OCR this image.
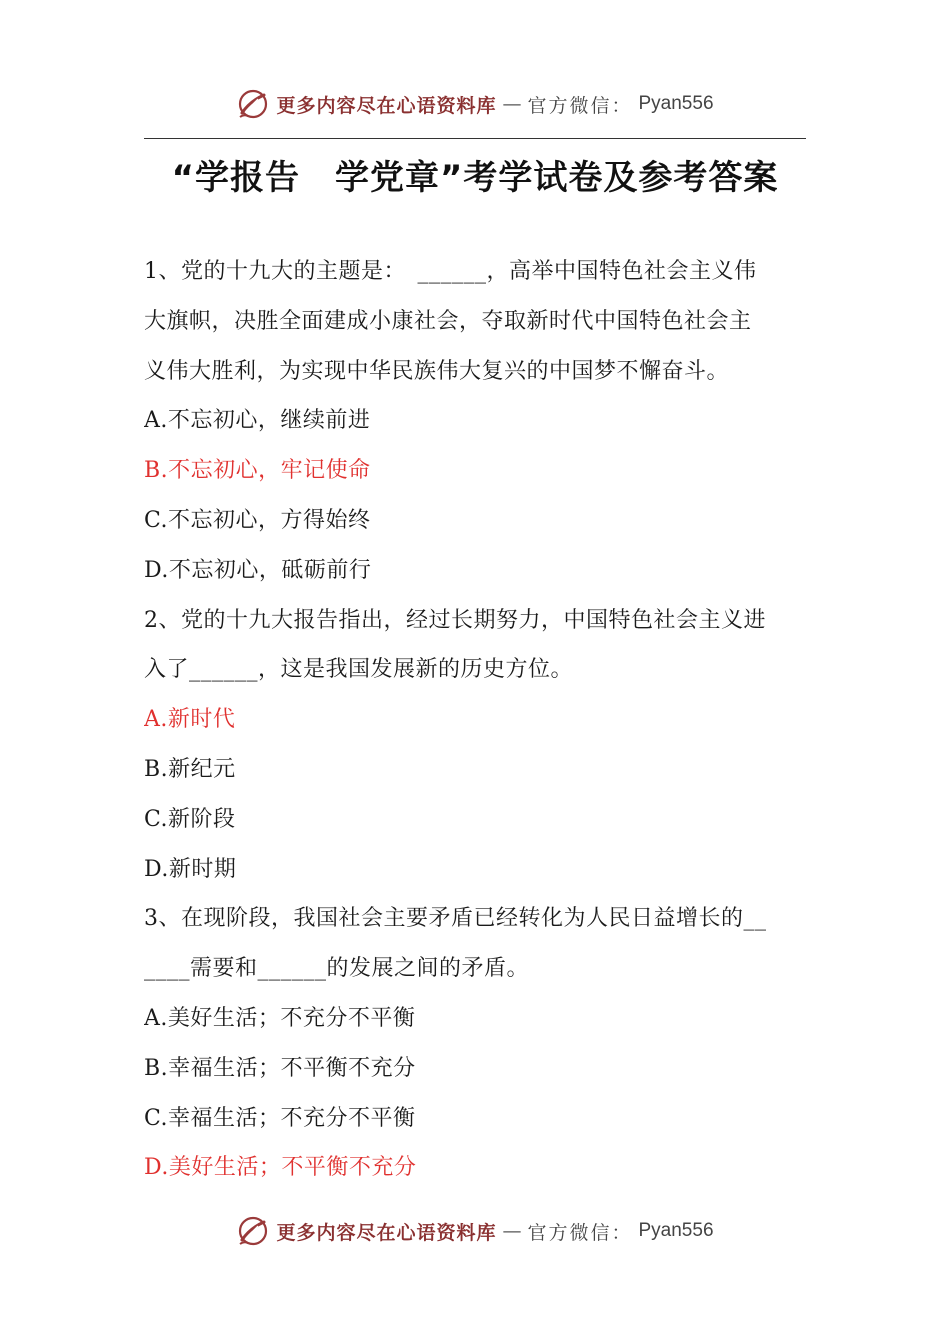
更多内容尽在心语资料库 — 官方微信： Pyan556
“学报告　学党章”考学试卷及参考答案
1、党的十九大的主题是：　______，高举中国特色社会主义伟
大旗帜，决胜全面建成小康社会，夺取新时代中国特色社会主
义伟大胜利，为实现中华民族伟大复兴的中国梦不懈奋斗。
A.不忘初心，继续前进
B.不忘初心，牢记使命
C.不忘初心，方得始终
D.不忘初心，砥砺前行
2、党的十九大报告指出，经过长期努力，中国特色社会主义进
入了______，这是我国发展新的历史方位。
A.新时代
B.新纪元
C.新阶段
D.新时期
3、在现阶段，我国社会主要矛盾已经转化为人民日益增长的__
____需要和______的发展之间的矛盾。
A.美好生活；不充分不平衡
B.幸福生活；不平衡不充分
C.幸福生活；不充分不平衡
D.美好生活；不平衡不充分
更多内容尽在心语资料库 — 官方微信： Pyan556
